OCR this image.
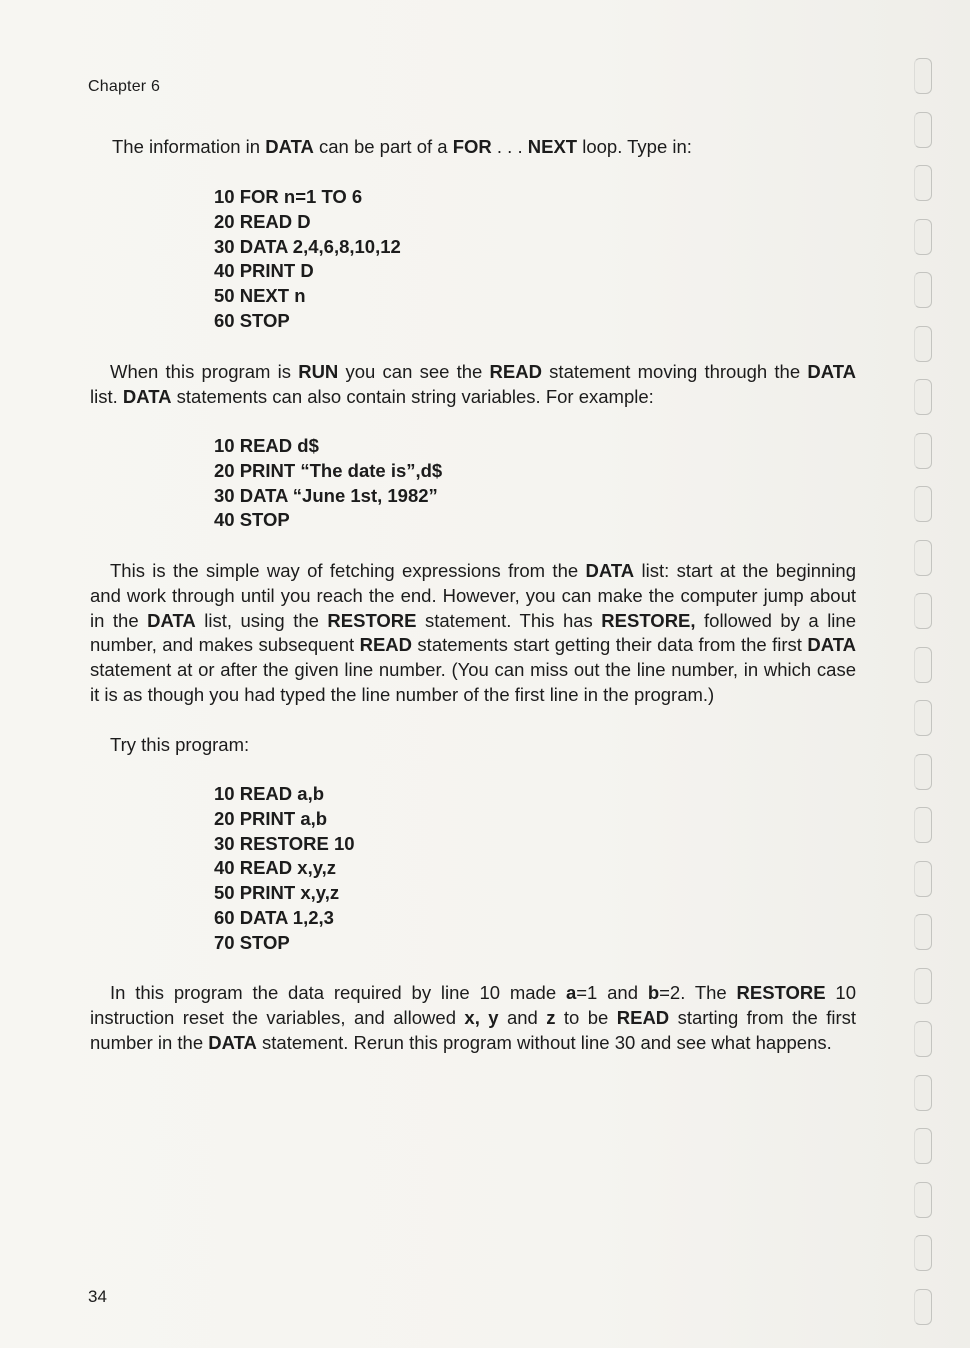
Chapter 6

The information in DATA can be part of a FOR . . . NEXT loop. Type in:

10 FOR n=1 TO 6
20 READ D
30 DATA 2,4,6,8,10,12
40 PRINT D
50 NEXT n
60 STOP

When this program is RUN you can see the READ statement moving through the DATA list. DATA statements can also contain string variables. For example:

10 READ d$
20 PRINT “The date is”,d$
30 DATA “June 1st, 1982”
40 STOP

This is the simple way of fetching expressions from the DATA list: start at the beginning and work through until you reach the end. However, you can make the computer jump about in the DATA list, using the RESTORE statement. This has RESTORE, followed by a line number, and makes subsequent READ statements start getting their data from the first DATA statement at or after the given line number. (You can miss out the line number, in which case it is as though you had typed the line number of the first line in the program.)

Try this program:

10 READ a,b
20 PRINT a,b
30 RESTORE 10
40 READ x,y,z
50 PRINT x,y,z
60 DATA 1,2,3
70 STOP

In this program the data required by line 10 made a=1 and b=2. The RESTORE 10 instruction reset the variables, and allowed x, y and z to be READ starting from the first number in the DATA statement. Rerun this program without line 30 and see what happens.

34
